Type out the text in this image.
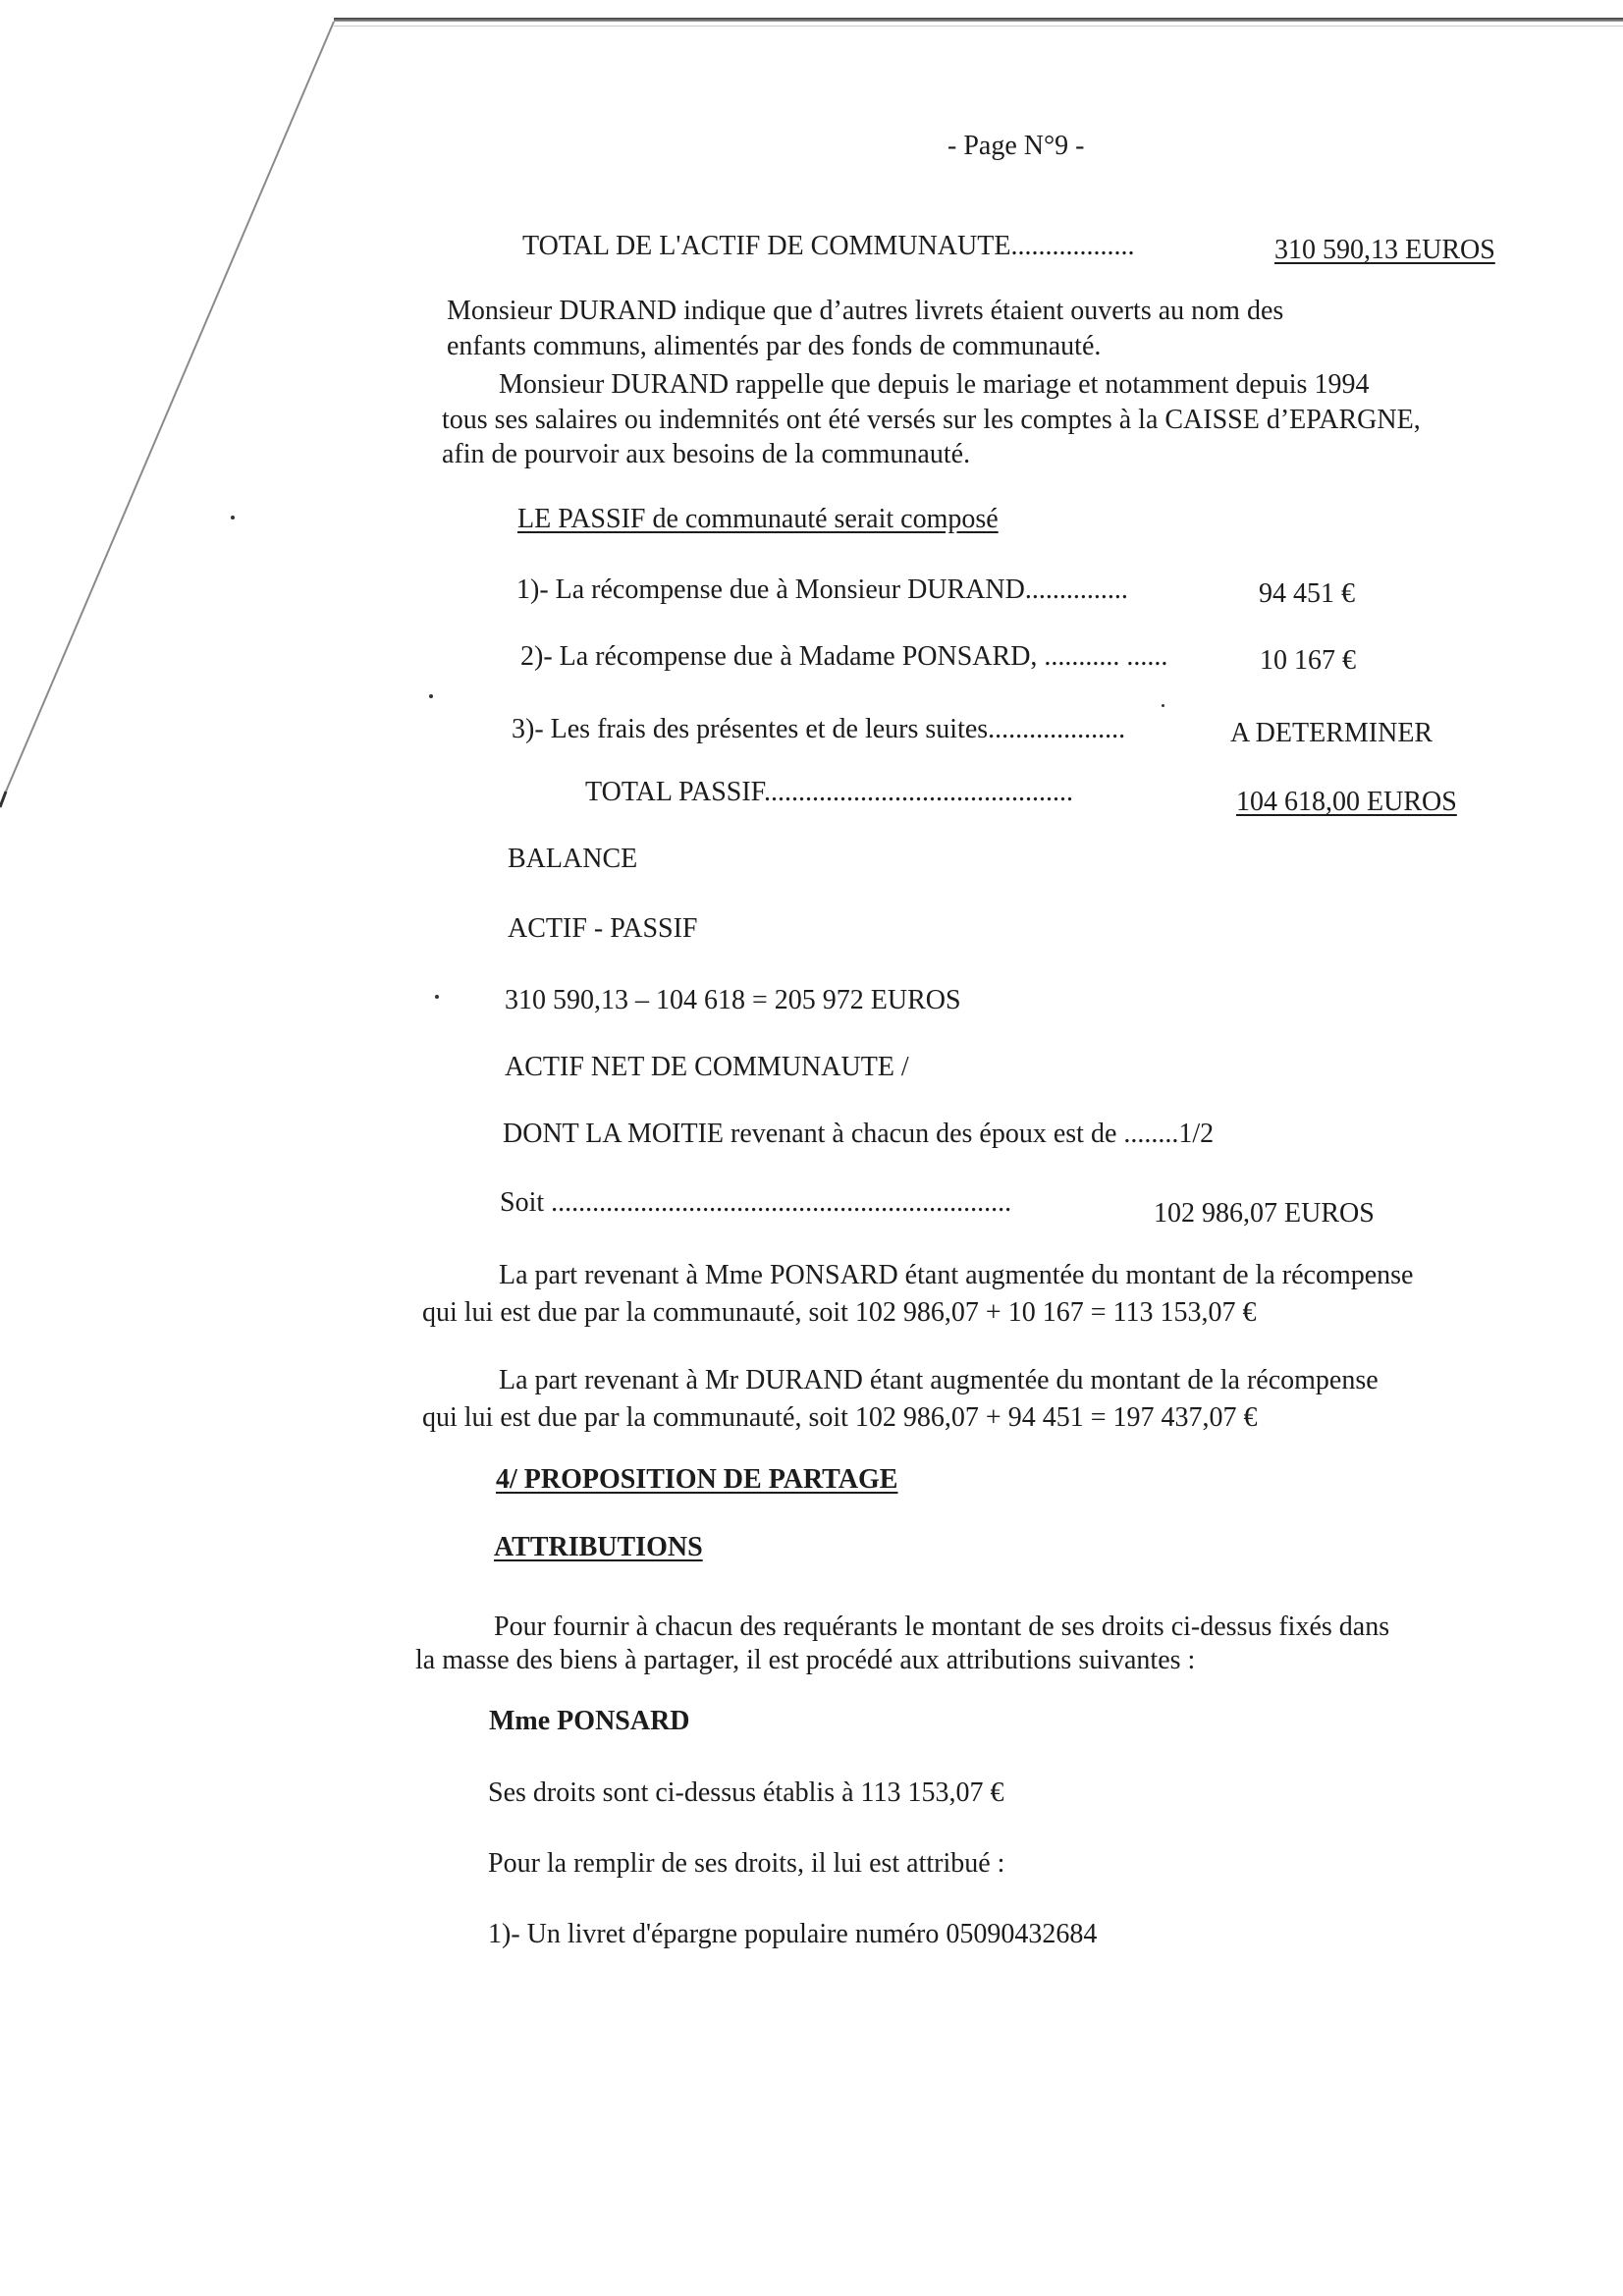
- Page N°9 -
TOTAL DE L'ACTIF DE COMMUNAUTE..................	310 590,13 EUROS
Monsieur DURAND indique que d’autres livrets étaient ouverts au nom des
enfants communs, alimentés par des fonds de communauté.
Monsieur DURAND rappelle que depuis le mariage et notamment depuis 1994
tous ses salaires ou indemnités ont été versés sur les comptes à la CAISSE d’EPARGNE,
afin de pourvoir aux besoins de la communauté.
LE PASSIF de communauté serait composé
1)- La récompense due à Monsieur DURAND...............	94 451 €
2)- La récompense due à Madame PONSARD, ........... ......	10 167 €
3)- Les frais des présentes et de leurs suites....................	A DETERMINER
TOTAL PASSIF.............................................	104 618,00 EUROS
BALANCE
ACTIF - PASSIF
310 590,13 – 104 618 = 205 972 EUROS
ACTIF NET DE COMMUNAUTE /
DONT LA MOITIE revenant à chacun des époux est de ........1/2
Soit ...................................................................	102 986,07 EUROS
La part revenant à Mme PONSARD étant augmentée du montant de la récompense
qui lui est due par la communauté, soit 102 986,07 + 10 167 = 113 153,07 €
La part revenant à Mr DURAND étant augmentée du montant de la récompense
qui lui est due par la communauté, soit 102 986,07 + 94 451 = 197 437,07 €
4/ PROPOSITION DE PARTAGE
ATTRIBUTIONS
Pour fournir à chacun des requérants le montant de ses droits ci-dessus fixés dans
la masse des biens à partager, il est procédé aux attributions suivantes :
Mme PONSARD
Ses droits sont ci-dessus établis à 113 153,07 €
Pour la remplir de ses droits, il lui est attribué :
1)- Un livret d'épargne populaire numéro 05090432684
